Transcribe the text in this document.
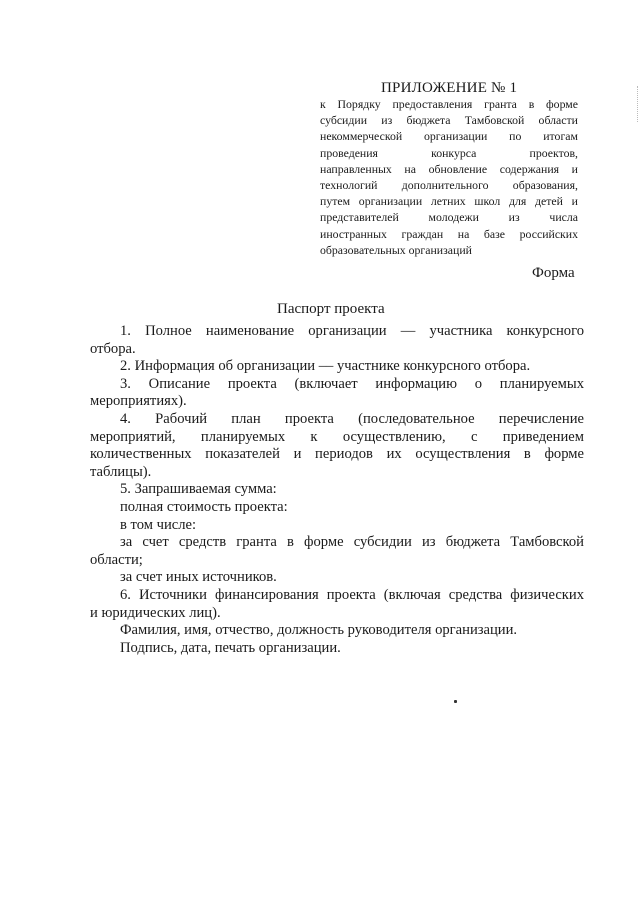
ПРИЛОЖЕНИЕ № 1
к Порядку предоставления гранта в форме
субсидии из бюджета Тамбовской области
некоммерческой организации по итогам
проведения конкурса проектов,
направленных на обновление содержания и
технологий дополнительного образования,
путем организации летних школ для детей и
представителей молодежи из числа
иностранных граждан на базе российских
образовательных организаций
Форма
Паспорт проекта
1. Полное наименование организации — участника конкурсного
отбора.
2. Информация об организации –– участнике конкурсного отбора.
3. Описание проекта (включает информацию о планируемых
мероприятиях).
4. Рабочий план проекта (последовательное перечисление
мероприятий, планируемых к осуществлению, с приведением
количественных показателей и периодов их осуществления в форме
таблицы).
5. Запрашиваемая сумма:
полная стоимость проекта:
в том числе:
за счет средств гранта в форме субсидии из бюджета Тамбовской
области;
за счет иных источников.
6. Источники финансирования проекта (включая средства физических
и юридических лиц).
Фамилия, имя, отчество, должность руководителя организации.
Подпись, дата, печать организации.
